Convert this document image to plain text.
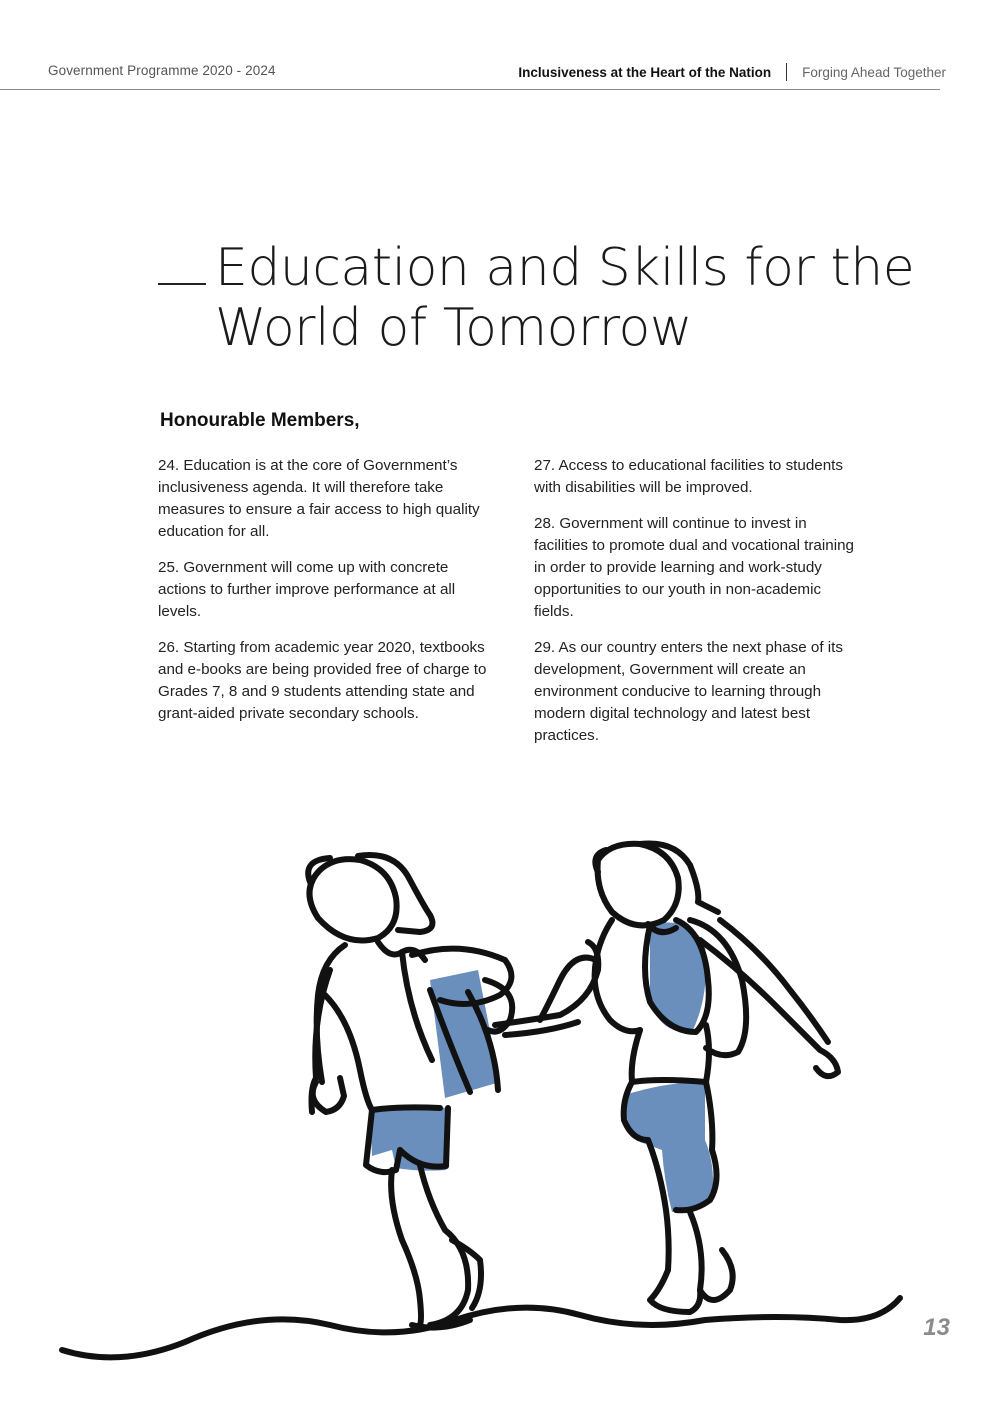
Government Programme 2020 - 2024	Inclusiveness at the Heart of the Nation Forging Ahead Together
Education and Skills for the
World of Tomorrow
Honourable Members,

24. Education is at the core of Government’s inclusiveness agenda. It will therefore take measures to ensure a fair access to high quality education for all.

25. Government will come up with concrete actions to further improve performance at all levels.

26. Starting from academic year 2020, textbooks and e-books are being provided free of charge to Grades 7, 8 and 9 students attending state and grant-aided private secondary schools.

27. Access to educational facilities to students with disabilities will be improved.

28. Government will continue to invest in facilities to promote dual and vocational training in order to provide learning and work-study opportunities to our youth in non-academic fields.

29. As our country enters the next phase of its development, Government will create an environment conducive to learning through modern digital technology and latest best practices.

13
